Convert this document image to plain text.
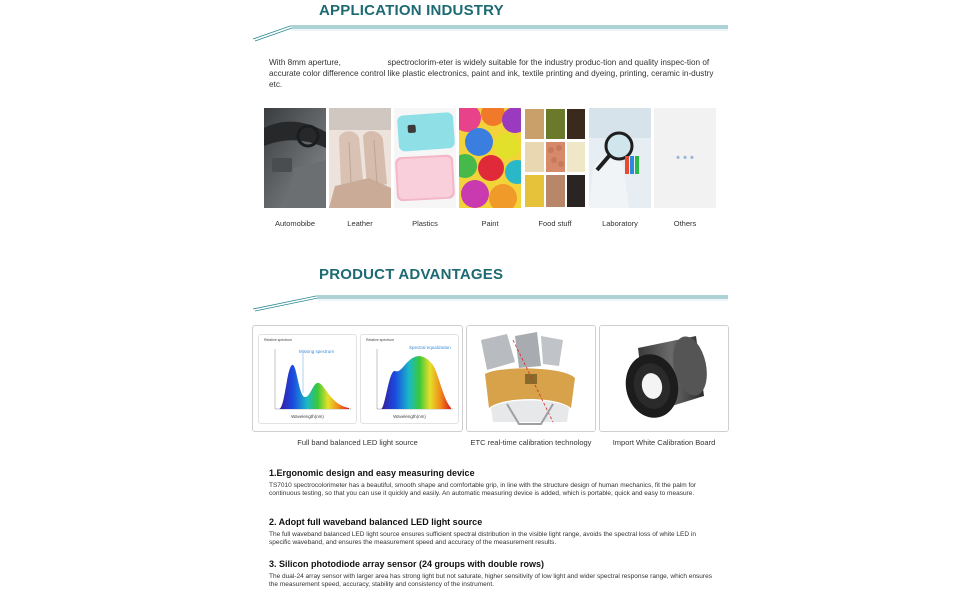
APPLICATION INDUSTRY
With 8mm aperture,	spectroclorim-eter is widely suitable for the industry produc-tion and quality inspec-tion of accurate color difference control like plastic electronics, paint and ink, textile printing and dyeing, printing, ceramic in-dustry etc.
• • •
Automobibe	Leather	Plastics	Paint	Food stuff	Laboratory	Others
PRODUCT ADVANTAGES
Relative spectrum
Missing spectrum
Wavelength(nm)
Relative spectrum
Spectral equalization
Wavelength(nm)
Full band balanced LED light source	ETC real-time calibration technology	Import White Calibration Board
1.Ergonomic design and easy measuring device
TS7010 spectrocolorimeter has a beautiful, smooth shape and comfortable grip, in line with the structure design of human mechanics, fit the palm for continuous testing, so that you can use it quickly and easily. An automatic measuring device is added, which is portable, quick and easy to measure.
2. Adopt full waveband balanced LED light source
The full waveband balanced LED light source ensures sufficient spectral distribution in the visible light range, avoids the spectral loss of white LED in specific waveband, and ensures the measurement speed and accuracy of the measurement results.
3. Silicon photodiode array sensor (24 groups with double rows)
The dual-24 array sensor with larger area has strong light but not saturate, higher sensitivity of low light and wider spectral response range, which ensures the measurement speed, accuracy, stability and consistency of the instrument.
